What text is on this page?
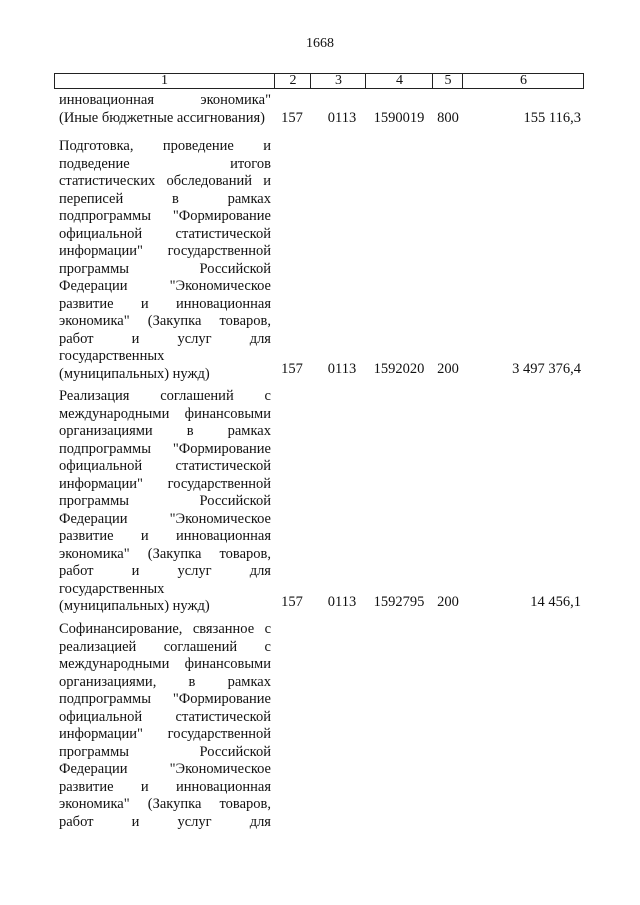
1668
1	2	3	4	5	6
инновационная	экономика"
(Иные бюджетные ассигнования)	157	0113	1590019 800	155 116,3
Подготовка, проведение и
подведение	итогов
статистических обследований и
переписей	в	рамках
подпрограммы "Формирование
официальной статистической
информации" государственной
программы	Российской
Федерации	"Экономическое
развитие и инновационная
экономика" (Закупка товаров,
работ	и	услуг	для
государственных
(муниципальных) нужд)	157	0113	1592020 200	3 497 376,4
Реализация соглашений с
международными финансовыми
организациями в рамках
подпрограммы "Формирование
официальной статистической
информации" государственной
программы	Российской
Федерации	"Экономическое
развитие и инновационная
экономика" (Закупка товаров,
работ	и	услуг	для
государственных
(муниципальных) нужд)	157	0113	1592795 200	14 456,1
Софинансирование, связанное с
реализацией соглашений с
международными финансовыми
организациями, в рамках
подпрограммы "Формирование
официальной статистической
информации" государственной
программы	Российской
Федерации	"Экономическое
развитие и инновационная
экономика" (Закупка товаров,
работ	и	услуг	для
